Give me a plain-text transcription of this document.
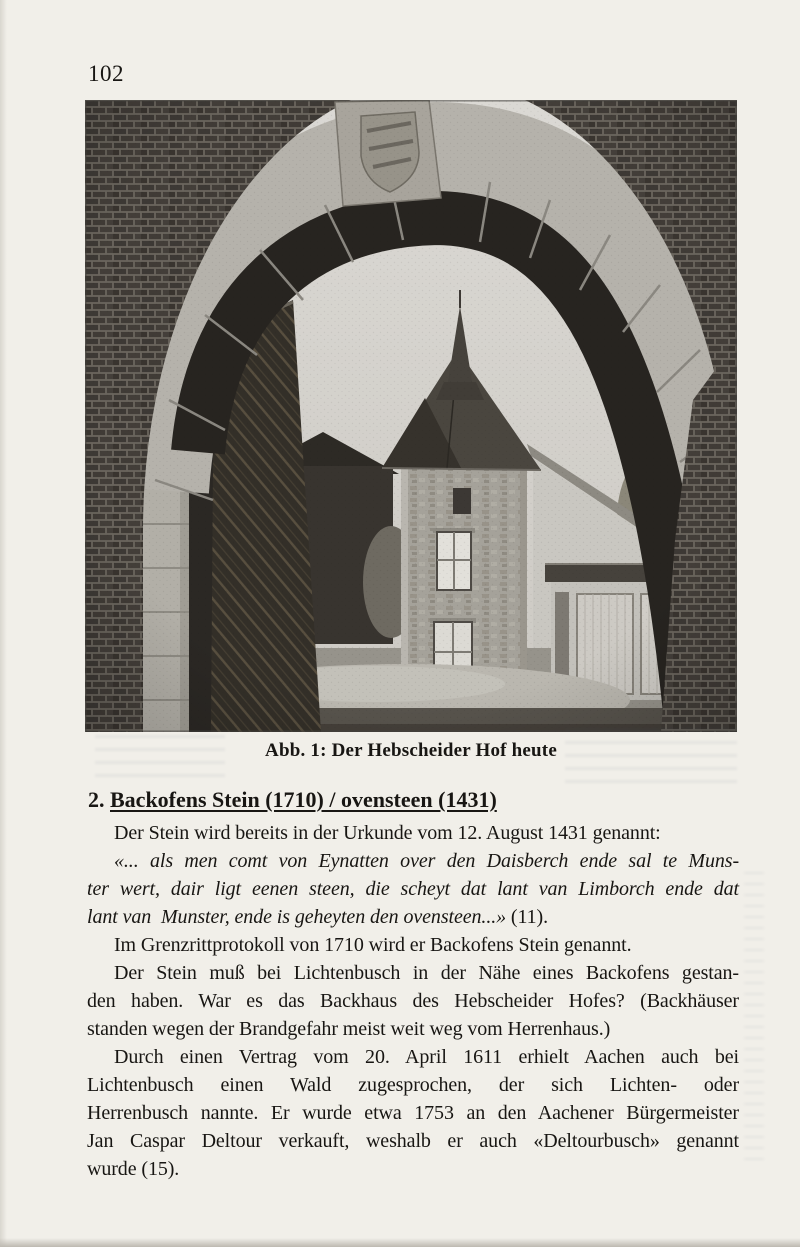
102
Abb. 1: Der Hebscheider Hof heute
2. Backofens Stein (1710) / ovensteen (1431)
Der Stein wird bereits in der Urkunde vom 12. August 1431 genannt:
«... als men comt von Eynatten over den Daisberch ende sal te Muns-
ter wert, dair ligt eenen steen, die scheyt dat lant van Limborch ende dat
lant van  Munster, ende is geheyten den ovensteen...» (11).
Im Grenzrittprotokoll von 1710 wird er Backofens Stein genannt.
Der Stein muß bei Lichtenbusch in der Nähe eines Backofens gestan-
den haben. War es das Backhaus des Hebscheider Hofes? (Backhäuser
standen wegen der Brandgefahr meist weit weg vom Herrenhaus.)
Durch einen Vertrag vom 20. April 1611 erhielt Aachen auch bei
Lichtenbusch einen Wald zugesprochen, der sich Lichten- oder
Herrenbusch nannte. Er wurde etwa 1753 an den Aachener Bürgermeister
Jan Caspar Deltour verkauft, weshalb er auch «Deltourbusch» genannt
wurde (15).
